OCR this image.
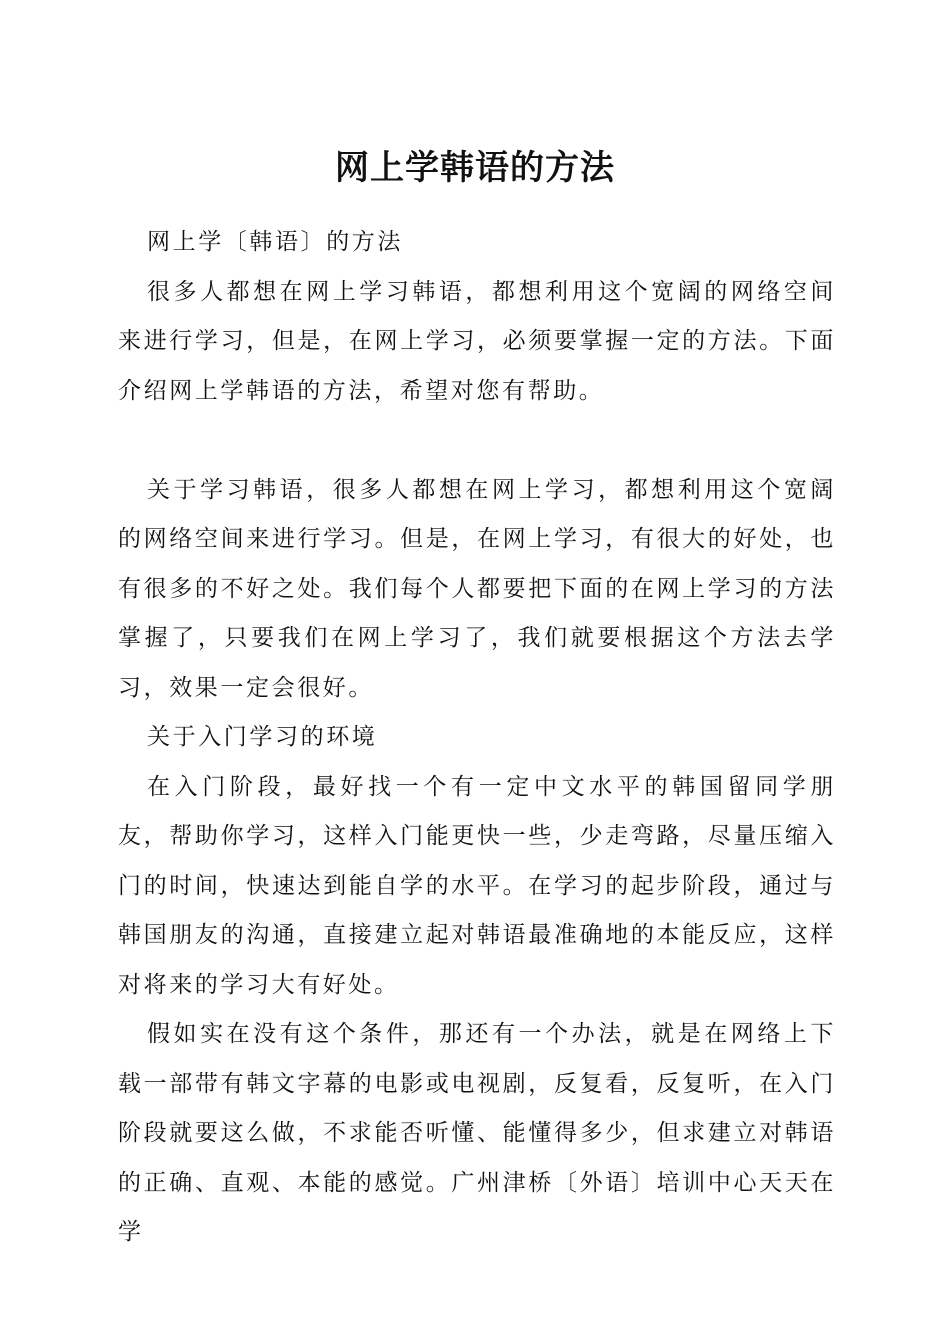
网上学韩语的方法

网上学〔韩语〕的方法

很多人都想在网上学习韩语，都想利用这个宽阔的网络空间来进行学习，但是，在网上学习，必须要掌握一定的方法。下面介绍网上学韩语的方法，希望对您有帮助。

关于学习韩语，很多人都想在网上学习，都想利用这个宽阔的网络空间来进行学习。但是，在网上学习，有很大的好处，也有很多的不好之处。我们每个人都要把下面的在网上学习的方法掌握了，只要我们在网上学习了，我们就要根据这个方法去学习，效果一定会很好。

关于入门学习的环境

在入门阶段，最好找一个有一定中文水平的韩国留同学朋友，帮助你学习，这样入门能更快一些，少走弯路，尽量压缩入门的时间，快速达到能自学的水平。在学习的起步阶段，通过与韩国朋友的沟通，直接建立起对韩语最准确地的本能反应，这样对将来的学习大有好处。

假如实在没有这个条件，那还有一个办法，就是在网络上下载一部带有韩文字幕的电影或电视剧，反复看，反复听，在入门阶段就要这么做，不求能否听懂、能懂得多少，但求建立对韩语的正确、直观、本能的感觉。广州津桥〔外语〕培训中心天天在学
